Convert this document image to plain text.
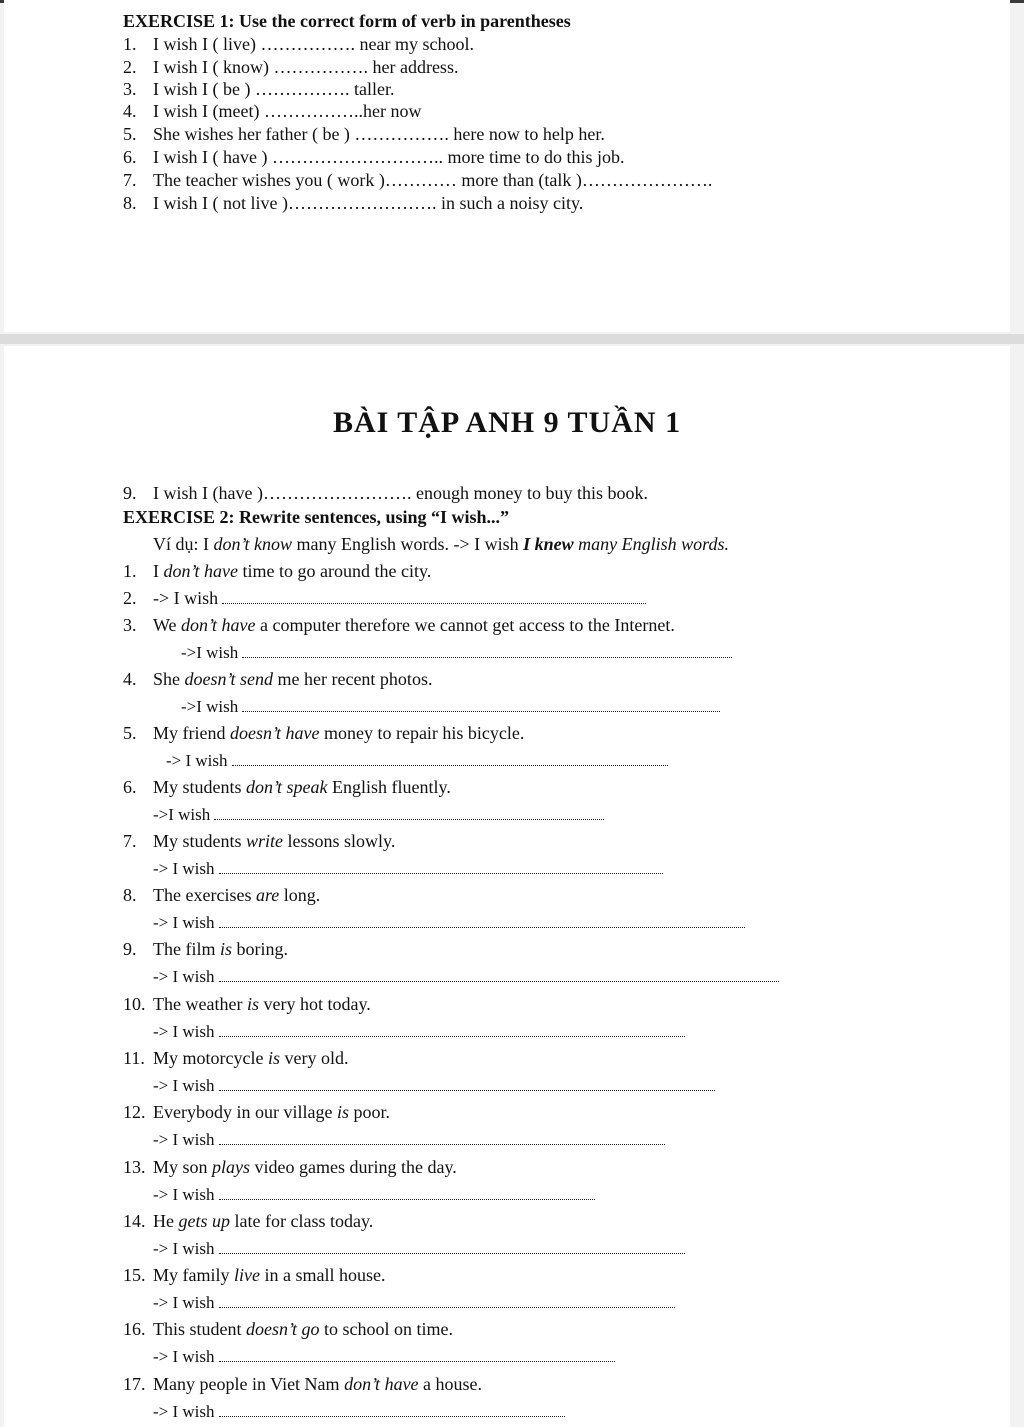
EXERCISE 1: Use the correct form of verb in parentheses
1. I wish I ( live) ……………. near my school.
2. I wish I ( know) ……………. her address.
3. I wish I ( be ) ……………. taller.
4. I wish I (meet) ……………..her now
5. She wishes her father ( be ) ……………. here now to help her.
6. I wish I ( have ) ……………………….. more time to do this job.
7. The teacher wishes you ( work )………… more than (talk )………………….
8. I wish I ( not live )……………………. in such a noisy city.
BÀI TẬP ANH 9 TUẦN 1
9. I wish I (have )……………………. enough money to buy this book.
EXERCISE 2: Rewrite sentences, using “I wish...”
Ví dụ: I don’t know many English words. -> I wish I knew many English words.
1. I don’t have time to go around the city.
2. -> I wish
3. We don’t have a computer therefore we cannot get access to the Internet.
->I wish
4. She doesn’t send me her recent photos.
->I wish
5. My friend doesn’t have money to repair his bicycle.
-> I wish
6. My students don’t speak English fluently.
->I wish
7. My students write lessons slowly.
-> I wish
8. The exercises are long.
-> I wish
9. The film is boring.
-> I wish
10. The weather is very hot today.
-> I wish
11. My motorcycle is very old.
-> I wish
12. Everybody in our village is poor.
-> I wish
13. My son plays video games during the day.
-> I wish
14. He gets up late for class today.
-> I wish
15. My family live in a small house.
-> I wish
16. This student doesn’t go to school on time.
-> I wish
17. Many people in Viet Nam don’t have a house.
-> I wish
